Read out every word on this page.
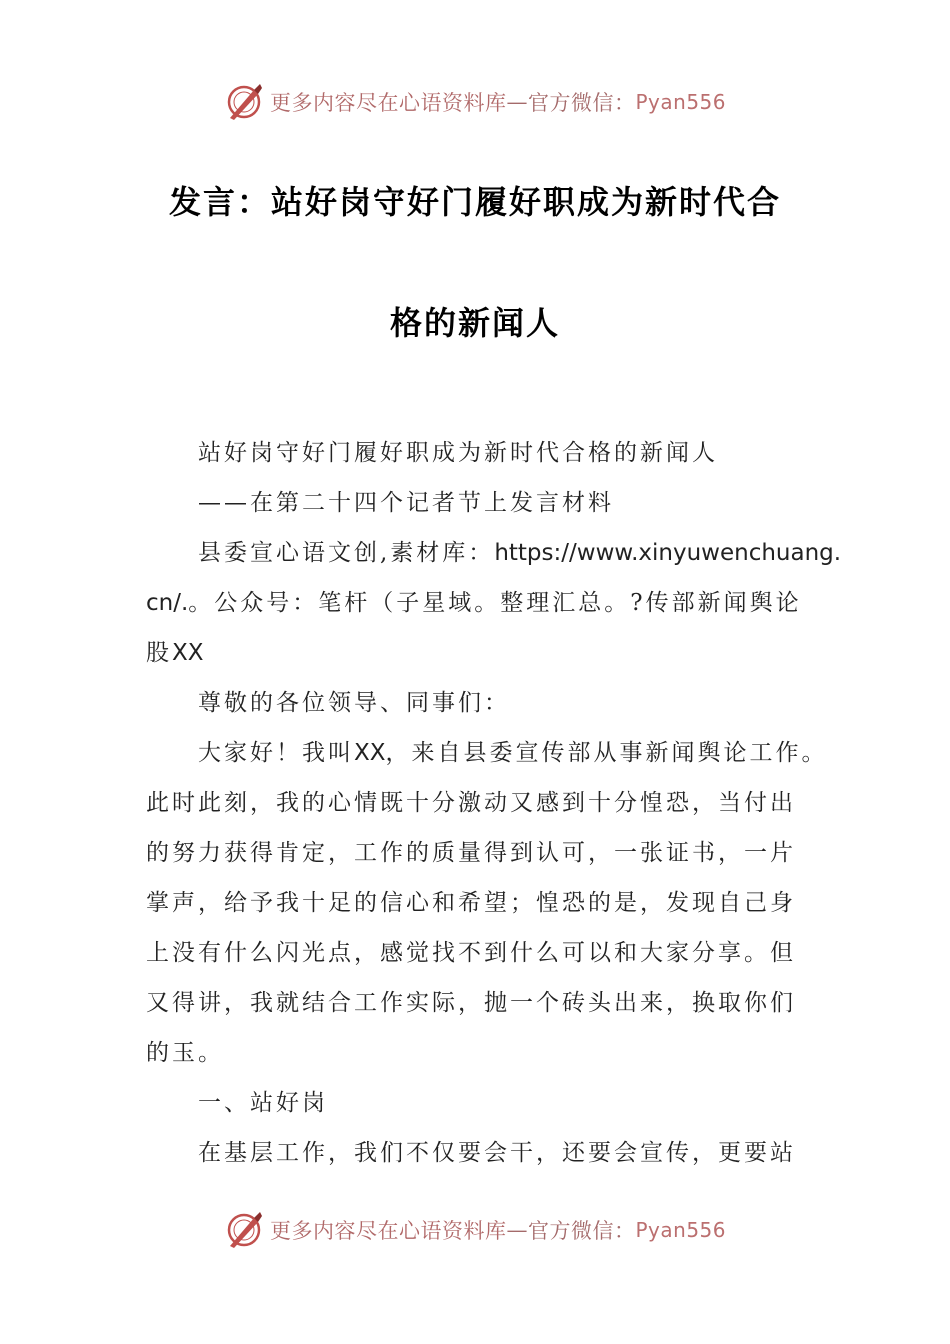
更多内容尽在心语资料库 — 官方微信： Pyan556
发言：站好岗守好门履好职成为新时代合
格的新闻人
站好岗守好门履好职成为新时代合格的新闻人
——在第二十四个记者节上发言材料
县委宣心语文创,素材库：https://www.xinyuwenchuang.
cn/.。公众号：笔杆（子星域。整理汇总。?传部新闻舆论
股XX
尊敬的各位领导、同事们：
大家好！我叫XX，来自县委宣传部从事新闻舆论工作。
此时此刻，我的心情既十分激动又感到十分惶恐，当付出
的努力获得肯定，工作的质量得到认可，一张证书，一片
掌声，给予我十足的信心和希望；惶恐的是，发现自己身
上没有什么闪光点，感觉找不到什么可以和大家分享。但
又得讲，我就结合工作实际，抛一个砖头出来，换取你们
的玉。
一、站好岗
在基层工作，我们不仅要会干，还要会宣传，更要站
更多内容尽在心语资料库 — 官方微信： Pyan556
